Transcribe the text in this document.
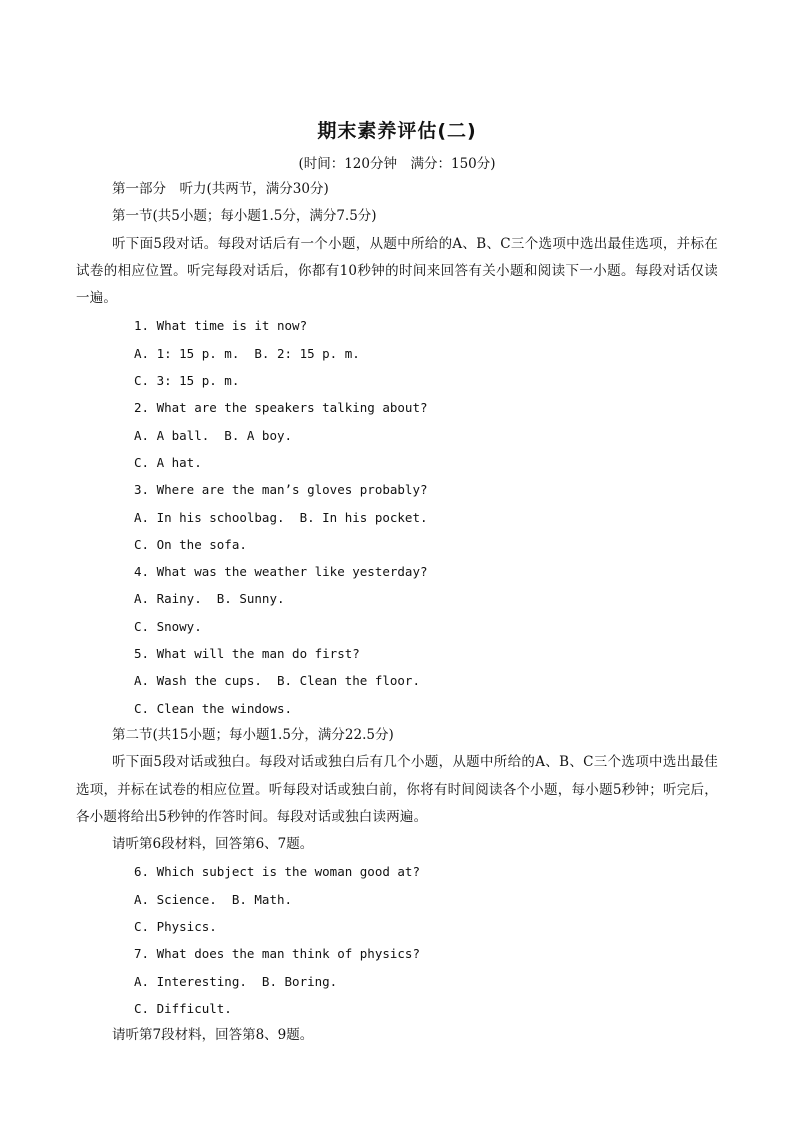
期末素养评估(二)
(时间：120分钟　满分：150分)
第一部分　听力(共两节，满分30分)
第一节(共5小题；每小题1.5分，满分7.5分)
听下面5段对话。每段对话后有一个小题，从题中所给的A、B、C三个选项中选出最佳选项，并标在试卷的相应位置。听完每段对话后，你都有10秒钟的时间来回答有关小题和阅读下一小题。每段对话仅读一遍。
1. What time is it now?
A. 1: 15 p. m.  B. 2: 15 p. m.
C. 3: 15 p. m.
2. What are the speakers talking about?
A. A ball.  B. A boy.
C. A hat.
3. Where are the man’s gloves probably?
A. In his schoolbag.  B. In his pocket.
C. On the sofa.
4. What was the weather like yesterday?
A. Rainy.  B. Sunny.
C. Snowy.
5. What will the man do first?
A. Wash the cups.  B. Clean the floor.
C. Clean the windows.
第二节(共15小题；每小题1.5分，满分22.5分)
听下面5段对话或独白。每段对话或独白后有几个小题，从题中所给的A、B、C三个选项中选出最佳选项，并标在试卷的相应位置。听每段对话或独白前，你将有时间阅读各个小题，每小题5秒钟；听完后，各小题将给出5秒钟的作答时间。每段对话或独白读两遍。
请听第6段材料，回答第6、7题。
6. Which subject is the woman good at?
A. Science.  B. Math.
C. Physics.
7. What does the man think of physics?
A. Interesting.  B. Boring.
C. Difficult.
请听第7段材料，回答第8、9题。
